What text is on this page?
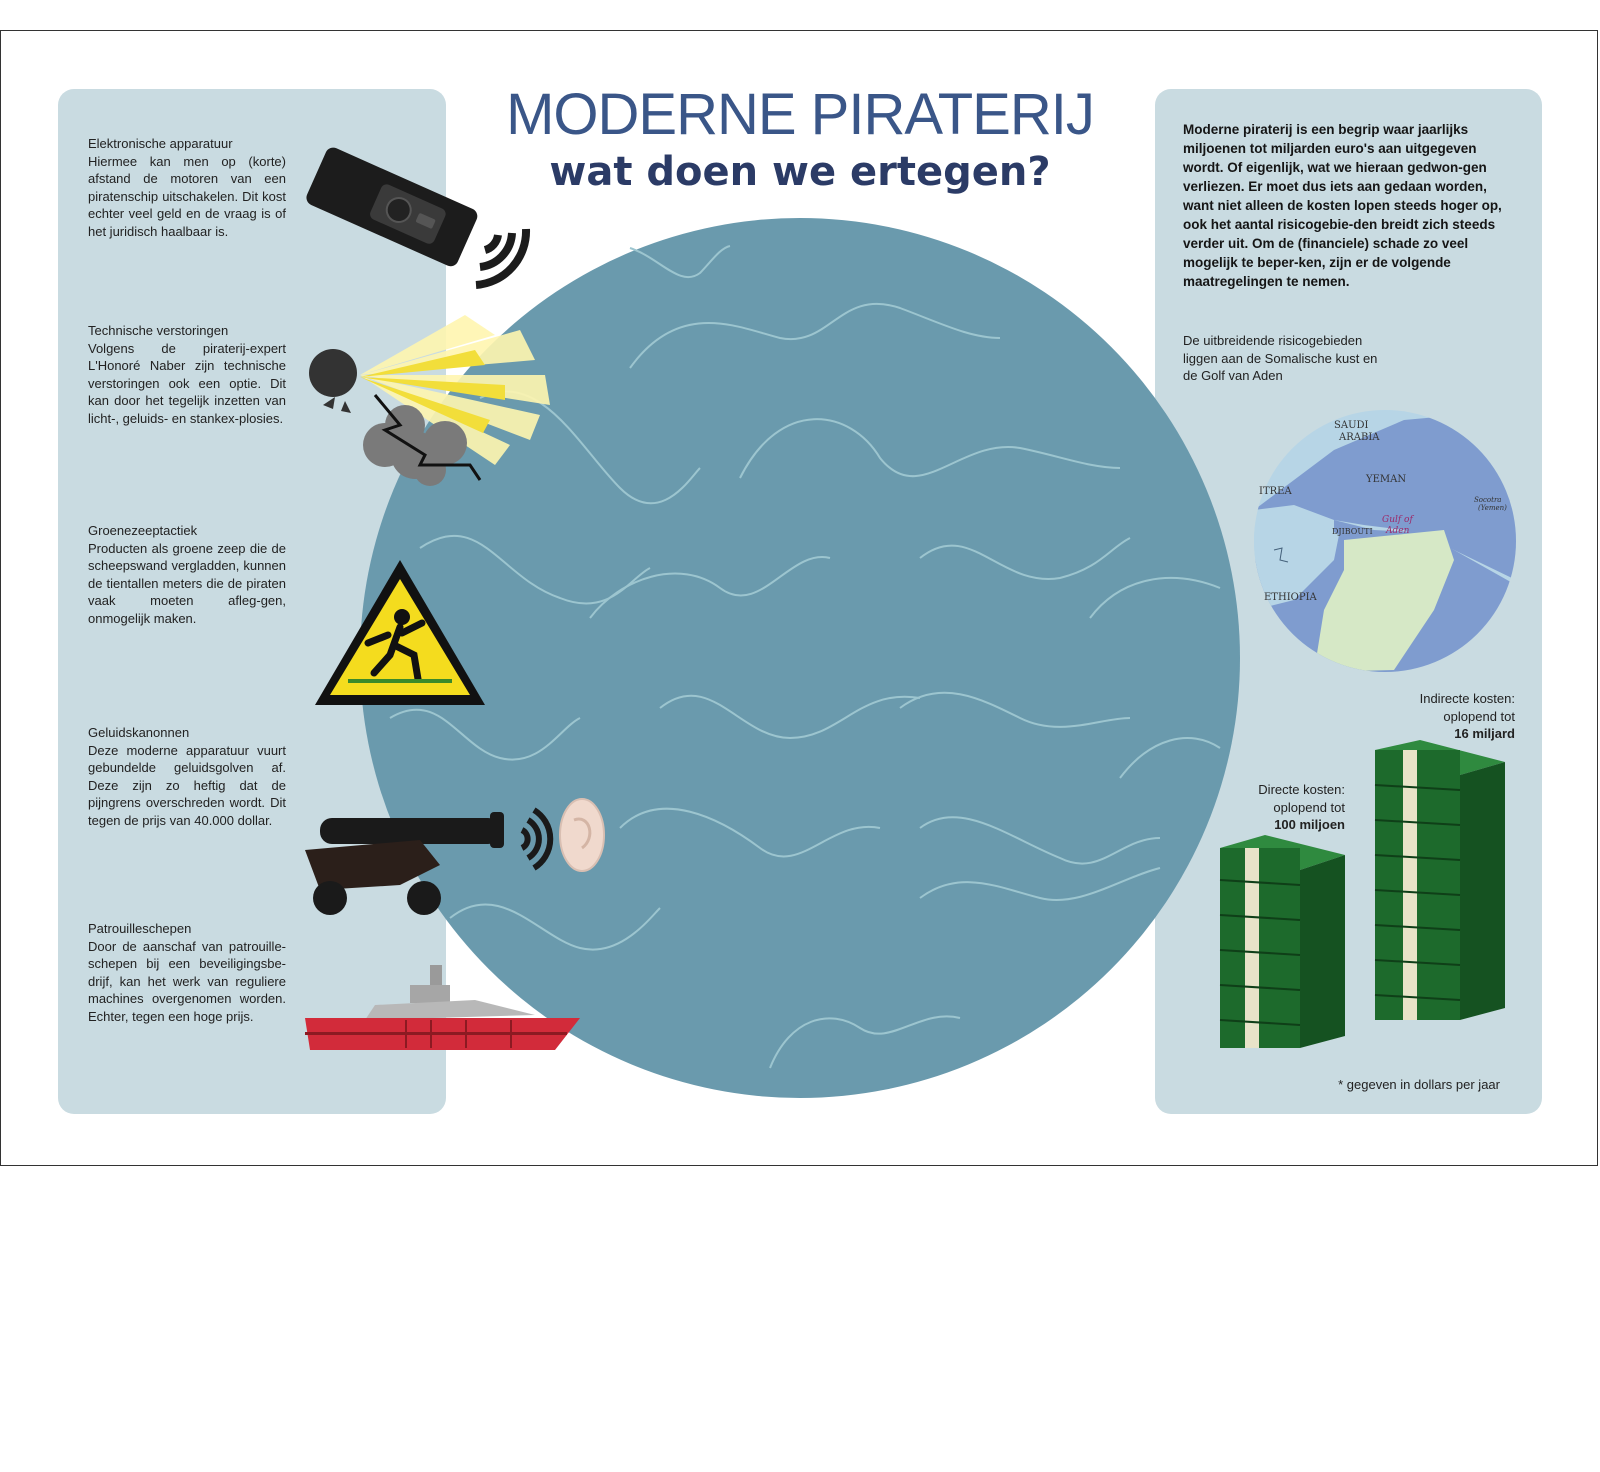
MODERNE PIRATERIJ
wat doen we ertegen?
Elektronische apparatuur
Hiermee kan men op (korte) afstand de motoren van een piratenschip uitschakelen. Dit kost echter veel geld en de vraag is of het juridisch haalbaar is.
Technische verstoringen
Volgens de piraterij-expert L'Honoré Naber zijn technische verstoringen ook een optie. Dit kan door het tegelijk inzetten van licht-, geluids- en stankex-plosies.
Groenezeeptactiek
Producten als groene zeep die de scheepswand vergladden, kunnen de tientallen meters die de piraten vaak moeten afleg-gen, onmogelijk maken.
Geluidskanonnen
Deze moderne apparatuur vuurt gebundelde geluidsgolven af. Deze zijn zo heftig dat de pijngrens overschreden wordt. Dit tegen de prijs van 40.000 dollar.
Patrouilleschepen
Door de aanschaf van patrouille-schepen bij een beveiligingsbe-drijf, kan het werk van reguliere machines overgenomen worden. Echter, tegen een hoge prijs.
Moderne piraterij is een begrip waar jaarlijks miljoenen tot miljarden euro's aan uitgegeven wordt. Of eigenlijk, wat we hieraan gedwon-gen verliezen. Er moet dus iets aan gedaan worden, want niet alleen de kosten lopen steeds hoger op, ook het aantal risicogebie-den breidt zich steeds verder uit. Om de (financiele) schade zo veel mogelijk te beper-ken, zijn er de volgende maatregelingen te nemen.
De uitbreidende risicogebieden liggen aan de Somalische kust en de Golf van Aden
SAUDI
ARABIA
YEMAN
ITREA
DJIBOUTI
ETHIOPIA
Gulf of
Aden
Socotra
(Yemen)
Indirecte kosten:
oplopend tot
16 miljard
Directe kosten:
oplopend tot
100 miljoen
* gegeven in dollars per jaar
